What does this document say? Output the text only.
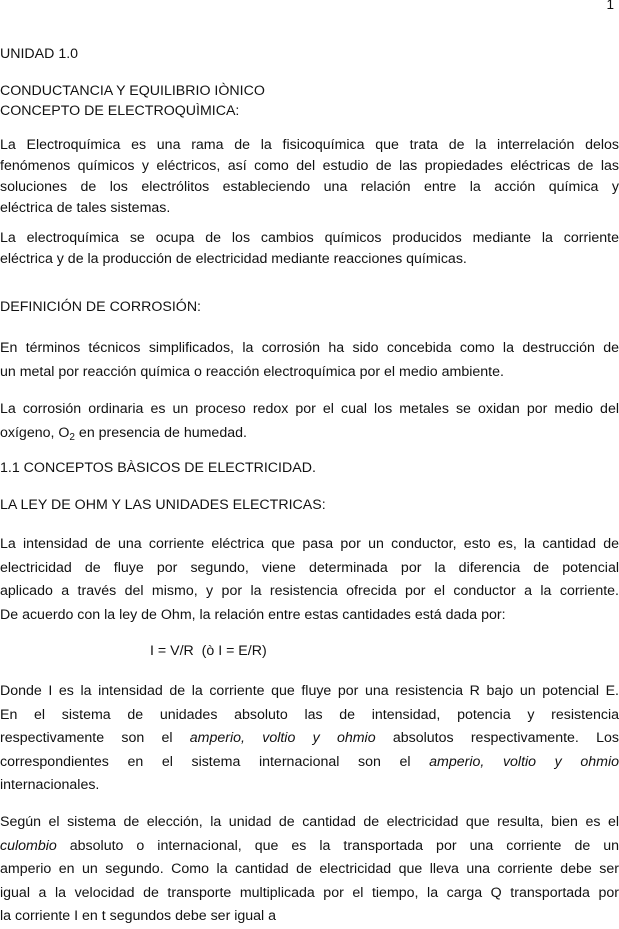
1
UNIDAD 1.0
CONDUCTANCIA Y EQUILIBRIO IÒNICO
CONCEPTO DE ELECTROQUÌMICA:
La Electroquímica es una rama de la fisicoquímica que trata de la interrelación delos
fenómenos químicos y eléctricos, así como del estudio de las propiedades eléctricas de las
soluciones de los electrólitos estableciendo una relación entre la acción química y
eléctrica de tales sistemas.
La electroquímica se ocupa de los cambios químicos producidos mediante la corriente
eléctrica y de la producción de electricidad mediante reacciones químicas.
DEFINICIÓN DE CORROSIÓN:
En términos técnicos simplificados, la corrosión ha sido concebida como la destrucción de
un metal por reacción química o reacción electroquímica por el medio ambiente.
La corrosión ordinaria es un proceso redox por el cual los metales se oxidan por medio del
oxígeno, $O_2$ en presencia de humedad.
1.1 CONCEPTOS BÀSICOS DE ELECTRICIDAD.
LA LEY DE OHM Y LAS UNIDADES ELECTRICAS:
La intensidad de una corriente eléctrica que pasa por un conductor, esto es, la cantidad de
electricidad de fluye por segundo, viene determinada por la diferencia de potencial
aplicado a través del mismo, y por la resistencia ofrecida por el conductor a la corriente.
De acuerdo con la ley de Ohm, la relación entre estas cantidades está dada por:
I = V/R  (ò I = E/R)
Donde I es la intensidad de la corriente que fluye por una resistencia R bajo un potencial E.
En el sistema de unidades absoluto las de intensidad, potencia y resistencia
respectivamente son el amperio, voltio y ohmio absolutos respectivamente. Los
correspondientes en el sistema internacional son el amperio, voltio y ohmio
internacionales.
Según el sistema de elección, la unidad de cantidad de electricidad que resulta, bien es el
culombio absoluto o internacional, que es la transportada por una corriente de un
amperio en un segundo. Como la cantidad de electricidad que lleva una corriente debe ser
igual a la velocidad de transporte multiplicada por el tiempo, la carga Q transportada por
la corriente I en t segundos debe ser igual a
